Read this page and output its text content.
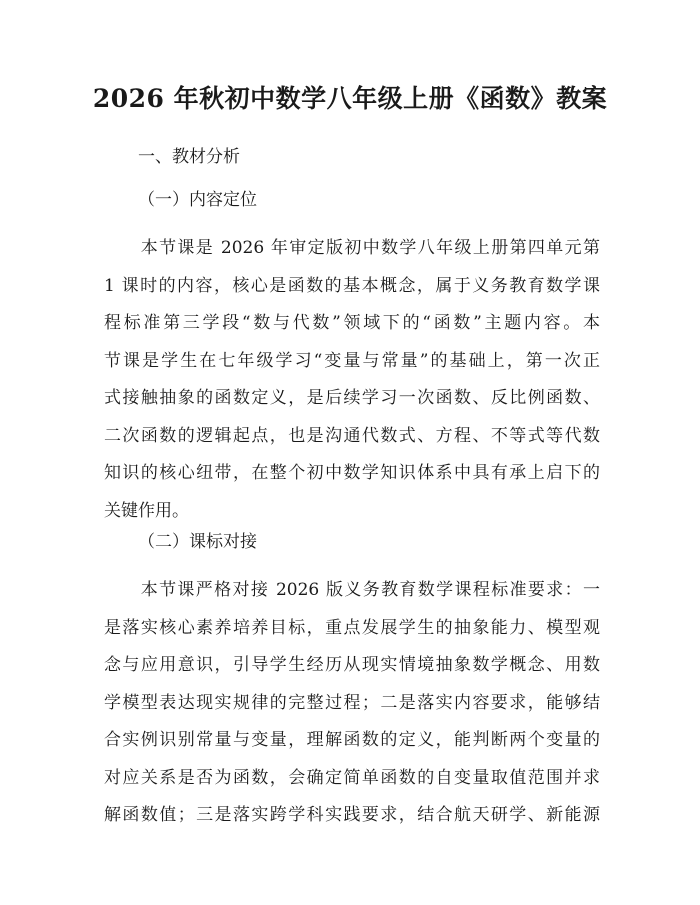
2026 年秋初中数学八年级上册《函数》教案

一、教材分析

（一）内容定位

　　本节课是 2026 年审定版初中数学八年级上册第四单元第
1 课时的内容，核心是函数的基本概念，属于义务教育数学课
程标准第三学段“数与代数”领域下的“函数”主题内容。本
节课是学生在七年级学习“变量与常量”的基础上，第一次正
式接触抽象的函数定义，是后续学习一次函数、反比例函数、
二次函数的逻辑起点，也是沟通代数式、方程、不等式等代数
知识的核心纽带，在整个初中数学知识体系中具有承上启下的
关键作用。

（二）课标对接

　　本节课严格对接 2026 版义务教育数学课程标准要求：一
是落实核心素养培养目标，重点发展学生的抽象能力、模型观
念与应用意识，引导学生经历从现实情境抽象数学概念、用数
学模型表达现实规律的完整过程；二是落实内容要求，能够结
合实例识别常量与变量，理解函数的定义，能判断两个变量的
对应关系是否为函数，会确定简单函数的自变量取值范围并求
解函数值；三是落实跨学科实践要求，结合航天研学、新能源
